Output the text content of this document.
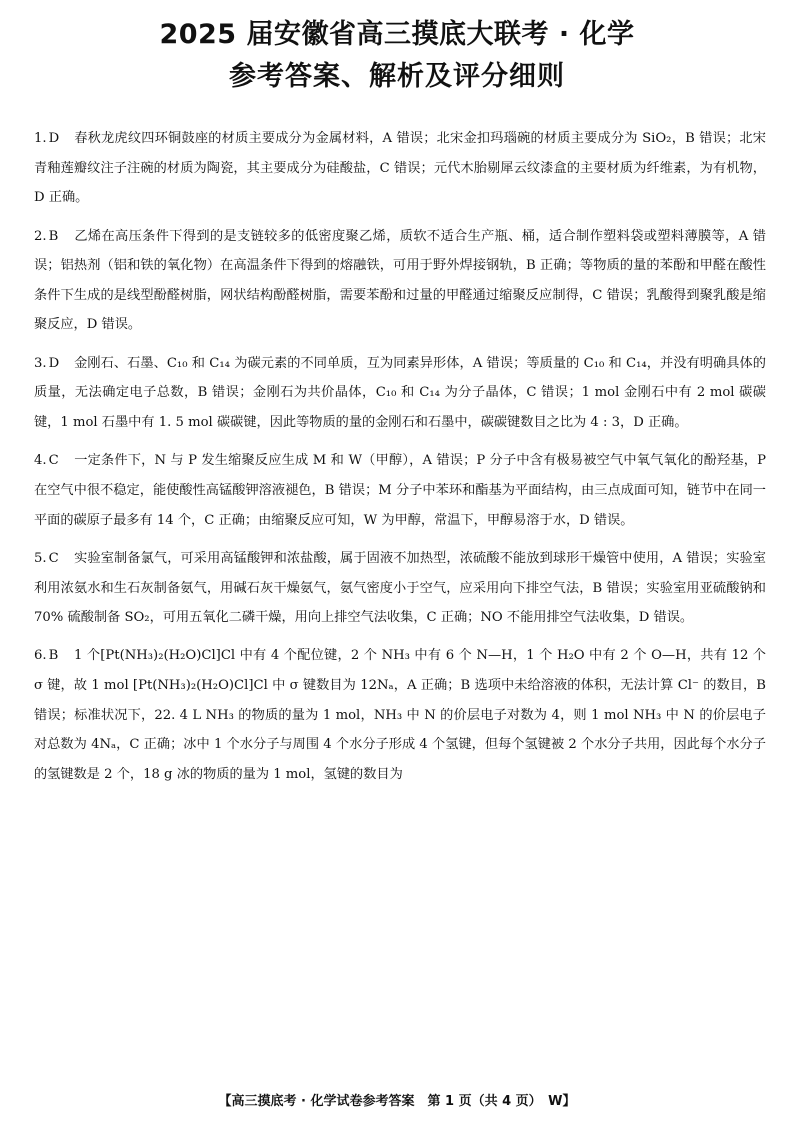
2025 届安徽省高三摸底大联考 · 化学
参考答案、解析及评分细则
1. D	春秋龙虎纹四环铜鼓座的材质主要成分为金属材料，A 错误；北宋金扣玛瑙碗的材质主要成分为 SiO₂，B 错误；北宋青釉莲瓣纹注子注碗的材质为陶瓷，其主要成分为硅酸盐，C 错误；元代木胎剔犀云纹漆盒的主要材质为纤维素，为有机物，D 正确。
2. B	乙烯在高压条件下得到的是支链较多的低密度聚乙烯，质软不适合生产瓶、桶，适合制作塑料袋或塑料薄膜等，A 错误；铝热剂（铝和铁的氧化物）在高温条件下得到的熔融铁，可用于野外焊接钢轨，B 正确；等物质的量的苯酚和甲醛在酸性条件下生成的是线型酚醛树脂，网状结构酚醛树脂，需要苯酚和过量的甲醛通过缩聚反应制得，C 错误；乳酸得到聚乳酸是缩聚反应，D 错误。
3. D	金刚石、石墨、C₁₀ 和 C₁₄ 为碳元素的不同单质，互为同素异形体，A 错误；等质量的 C₁₀ 和 C₁₄，并没有明确具体的质量，无法确定电子总数，B 错误；金刚石为共价晶体，C₁₀ 和 C₁₄ 为分子晶体，C 错误；1 mol 金刚石中有 2 mol 碳碳键，1 mol 石墨中有 1. 5 mol 碳碳键，因此等物质的量的金刚石和石墨中，碳碳键数目之比为 4 : 3，D 正确。
4. C	一定条件下，N 与 P 发生缩聚反应生成 M 和 W（甲醇），A 错误；P 分子中含有极易被空气中氧气氧化的酚羟基，P 在空气中很不稳定，能使酸性高锰酸钾溶液褪色，B 错误；M 分子中苯环和酯基为平面结构，由三点成面可知，链节中在同一平面的碳原子最多有 14 个，C 正确；由缩聚反应可知，W 为甲醇，常温下，甲醇易溶于水，D 错误。
5. C	实验室制备氯气，可采用高锰酸钾和浓盐酸，属于固液不加热型，浓硫酸不能放到球形干燥管中使用，A 错误；实验室利用浓氨水和生石灰制备氨气，用碱石灰干燥氨气，氨气密度小于空气，应采用向下排空气法，B 错误；实验室用亚硫酸钠和 70% 硫酸制备 SO₂，可用五氧化二磷干燥，用向上排空气法收集，C 正确；NO 不能用排空气法收集，D 错误。
6. B	1 个[Pt(NH₃)₂(H₂O)Cl]Cl 中有 4 个配位键，2 个 NH₃ 中有 6 个 N—H，1 个 H₂O 中有 2 个 O—H，共有 12 个 σ 键，故 1 mol [Pt(NH₃)₂(H₂O)Cl]Cl 中 σ 键数目为 12Nₐ，A 正确；B 选项中未给溶液的体积，无法计算 Cl⁻ 的数目，B 错误；标准状况下，22. 4 L NH₃ 的物质的量为 1 mol，NH₃ 中 N 的价层电子对数为 4，则 1 mol NH₃ 中 N 的价层电子对总数为 4Nₐ，C 正确；冰中 1 个水分子与周围 4 个水分子形成 4 个氢键，但每个氢键被 2 个水分子共用，因此每个水分子的氢键数是 2 个，18 g 冰的物质的量为 1 mol，氢键的数目为
【高三摸底考 · 化学试卷参考答案　第 1 页（共 4 页）　W】
